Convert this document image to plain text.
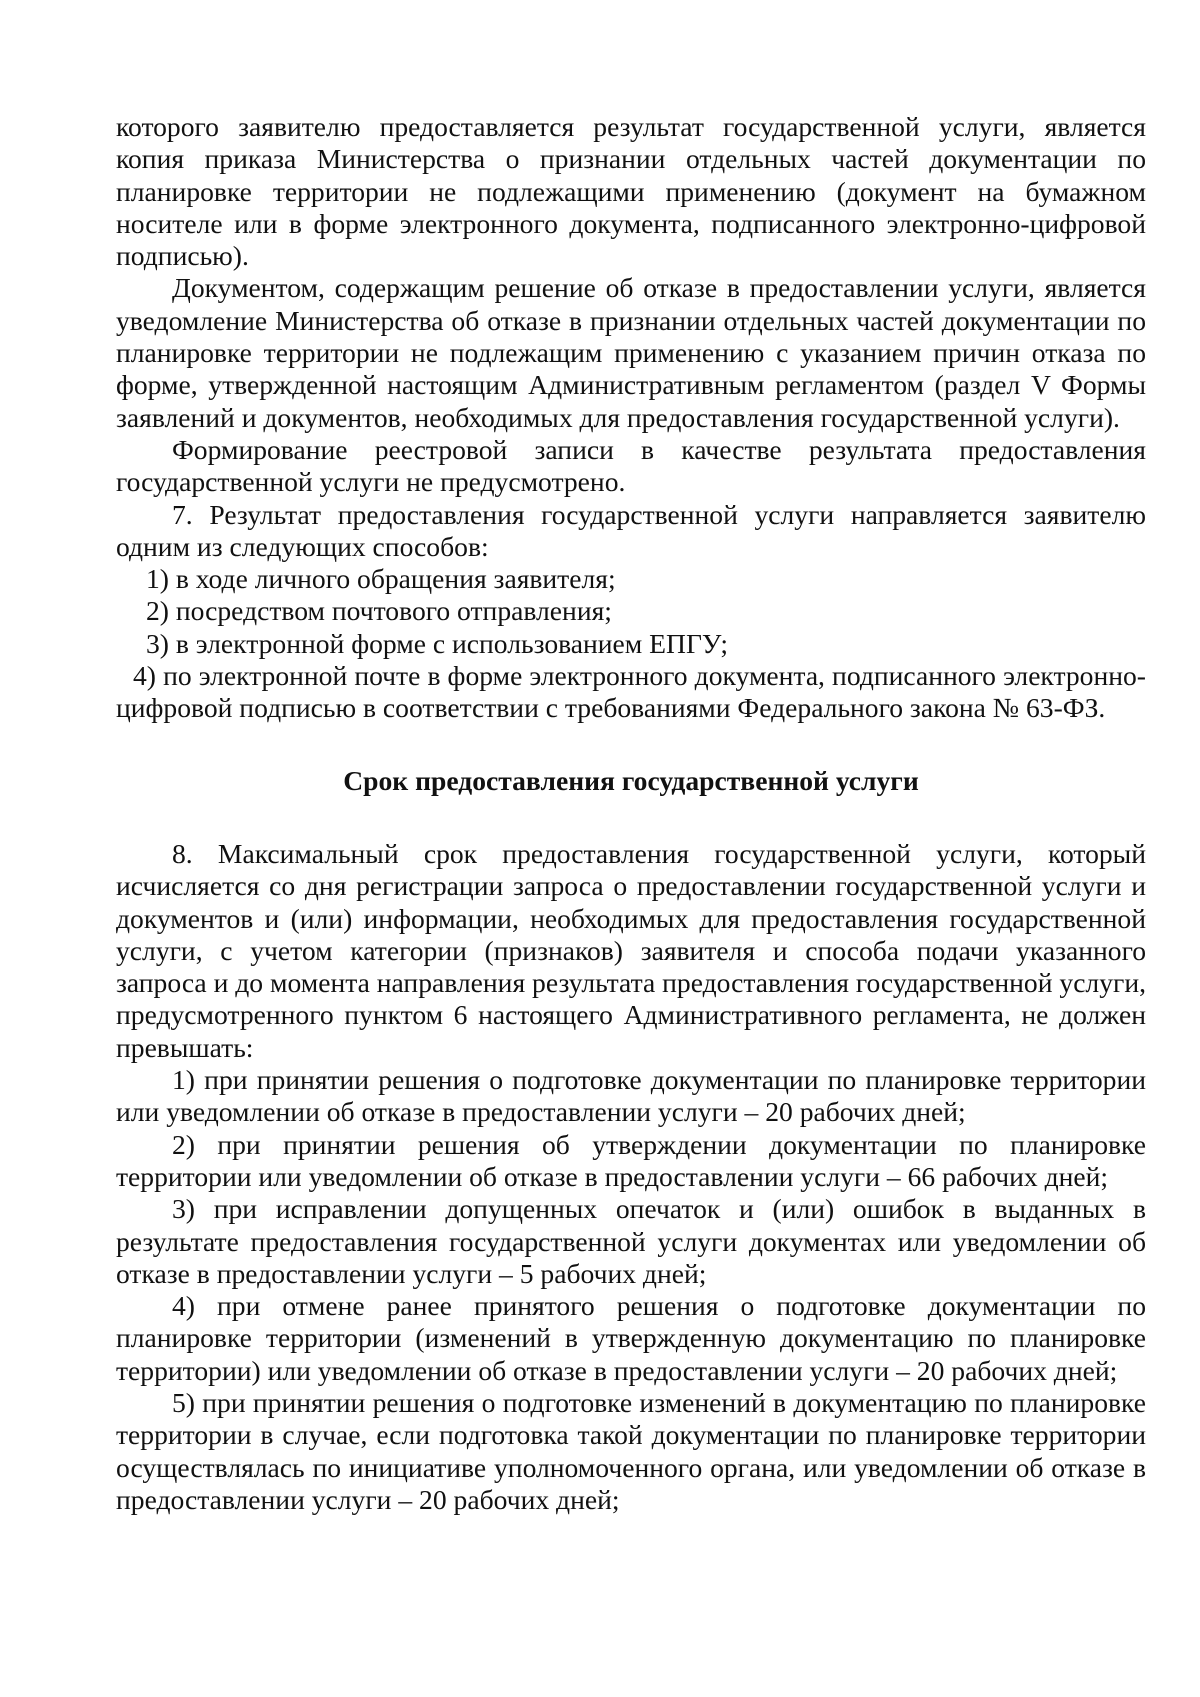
которого заявителю предоставляется результат государственной услуги, является копия приказа Министерства о признании отдельных частей документации по планировке территории не подлежащими применению (документ на бумажном носителе или в форме электронного документа, подписанного электронно-цифровой подписью).

Документом, содержащим решение об отказе в предоставлении услуги, является уведомление Министерства об отказе в признании отдельных частей документации по планировке территории не подлежащим применению с указанием причин отказа по форме, утвержденной настоящим Административным регламентом (раздел V Формы заявлений и документов, необходимых для предоставления государственной услуги).

Формирование реестровой записи в качестве результата предоставления государственной услуги не предусмотрено.

7. Результат предоставления государственной услуги направляется заявителю одним из следующих способов:

1) в ходе личного обращения заявителя;

2) посредством почтового отправления;

3) в электронной форме с использованием ЕПГУ;

4) по электронной почте в форме электронного документа, подписанного электронно-цифровой подписью в соответствии с требованиями Федерального закона № 63-ФЗ.

Срок предоставления государственной услуги

8. Максимальный срок предоставления государственной услуги, который исчисляется со дня регистрации запроса о предоставлении государственной услуги и документов и (или) информации, необходимых для предоставления государственной услуги, с учетом категории (признаков) заявителя и способа подачи указанного запроса и до момента направления результата предоставления государственной услуги, предусмотренного пунктом 6 настоящего Административного регламента, не должен превышать:

1) при принятии решения о подготовке документации по планировке территории или уведомлении об отказе в предоставлении услуги – 20 рабочих дней;

2) при принятии решения об утверждении документации по планировке территории или уведомлении об отказе в предоставлении услуги – 66 рабочих дней;

3) при исправлении допущенных опечаток и (или) ошибок в выданных в результате предоставления государственной услуги документах или уведомлении об отказе в предоставлении услуги – 5 рабочих дней;

4) при отмене ранее принятого решения о подготовке документации по планировке территории (изменений в утвержденную документацию по планировке территории) или уведомлении об отказе в предоставлении услуги – 20 рабочих дней;

5) при принятии решения о подготовке изменений в документацию по планировке территории в случае, если подготовка такой документации по планировке территории осуществлялась по инициативе уполномоченного органа, или уведомлении об отказе в предоставлении услуги – 20 рабочих дней;
